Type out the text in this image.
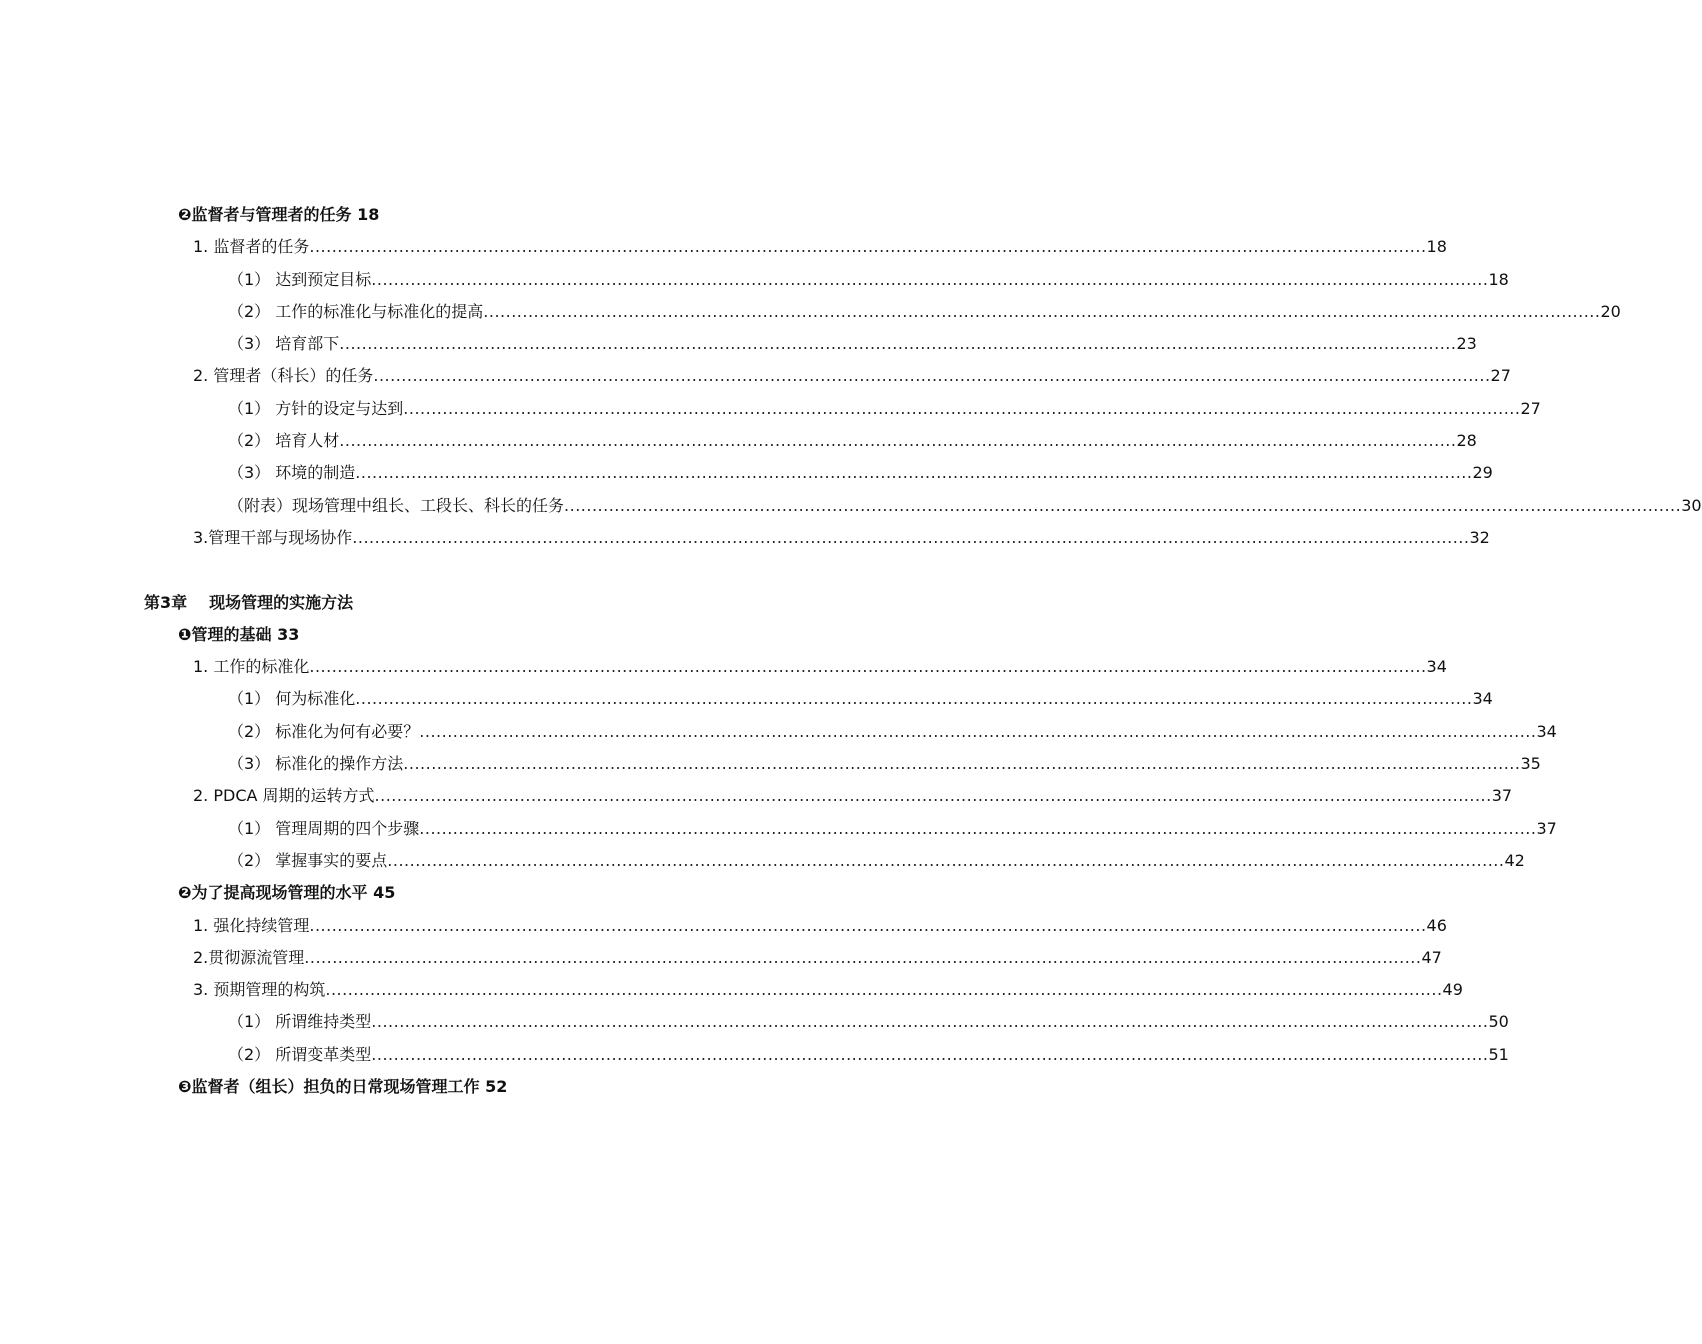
❷监督者与管理者的任务 18
1. 监督者的任务 ........................................................................................................................................................................................................ 18
（1） 达到预定目标 ........................................................................................................................................................................................................ 18
（2） 工作的标准化与标准化的提高 ........................................................................................................................................................................................................ 20
（3） 培育部下 ........................................................................................................................................................................................................ 23
2. 管理者（科长）的任务 ........................................................................................................................................................................................................ 27
（1） 方针的设定与达到 ........................................................................................................................................................................................................ 27
（2） 培育人材 ........................................................................................................................................................................................................ 28
（3） 环境的制造 ........................................................................................................................................................................................................ 29
（附表）现场管理中组长、工段长、科长的任务 ........................................................................................................................................................................................................ 30
3.管理干部与现场协作 ........................................................................................................................................................................................................ 32
第3章 现场管理的实施方法
❶管理的基础 33
1. 工作的标准化 ........................................................................................................................................................................................................ 34
（1） 何为标准化 ........................................................................................................................................................................................................ 34
（2） 标准化为何有必要？ ........................................................................................................................................................................................................ 34
（3） 标准化的操作方法 ........................................................................................................................................................................................................ 35
2. PDCA 周期的运转方式 ........................................................................................................................................................................................................ 37
（1） 管理周期的四个步骤 ........................................................................................................................................................................................................ 37
（2） 掌握事实的要点 ........................................................................................................................................................................................................ 42
❷为了提高现场管理的水平 45
1. 强化持续管理 ........................................................................................................................................................................................................ 46
2.贯彻源流管理 ........................................................................................................................................................................................................ 47
3. 预期管理的构筑 ........................................................................................................................................................................................................ 49
（1） 所谓维持类型 ........................................................................................................................................................................................................ 50
（2） 所谓变革类型 ........................................................................................................................................................................................................ 51
❸监督者（组长）担负的日常现场管理工作 52
